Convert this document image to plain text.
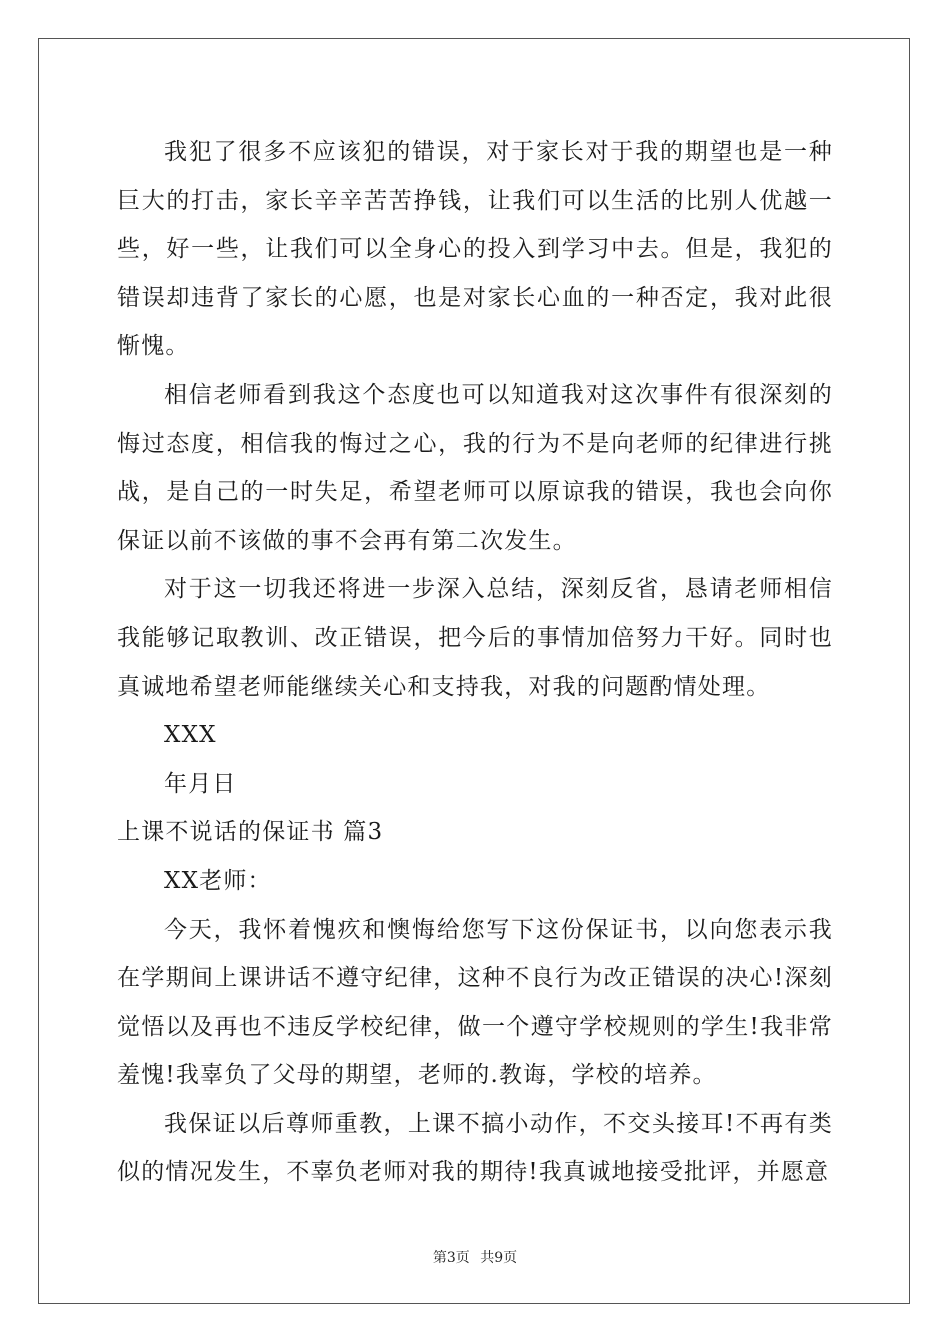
我犯了很多不应该犯的错误，对于家长对于我的期望也是一种巨大的打击，家长辛辛苦苦挣钱，让我们可以生活的比别人优越一些，好一些，让我们可以全身心的投入到学习中去。但是，我犯的错误却违背了家长的心愿，也是对家长心血的一种否定，我对此很惭愧。

相信老师看到我这个态度也可以知道我对这次事件有很深刻的悔过态度，相信我的悔过之心，我的行为不是向老师的纪律进行挑战，是自己的一时失足，希望老师可以原谅我的错误，我也会向你保证以前不该做的事不会再有第二次发生。

对于这一切我还将进一步深入总结，深刻反省，恳请老师相信我能够记取教训、改正错误，把今后的事情加倍努力干好。同时也真诚地希望老师能继续关心和支持我，对我的问题酌情处理。

XXX

年月日

上课不说话的保证书 篇3

XX老师：

今天，我怀着愧疚和懊悔给您写下这份保证书，以向您表示我在学期间上课讲话不遵守纪律，这种不良行为改正错误的决心!深刻觉悟以及再也不违反学校纪律，做一个遵守学校规则的学生!我非常羞愧!我辜负了父母的期望，老师的.教诲，学校的培养。

我保证以后尊师重教，上课不搞小动作，不交头接耳!不再有类似的情况发生，不辜负老师对我的期待!我真诚地接受批评，并愿意

第3页 共9页
